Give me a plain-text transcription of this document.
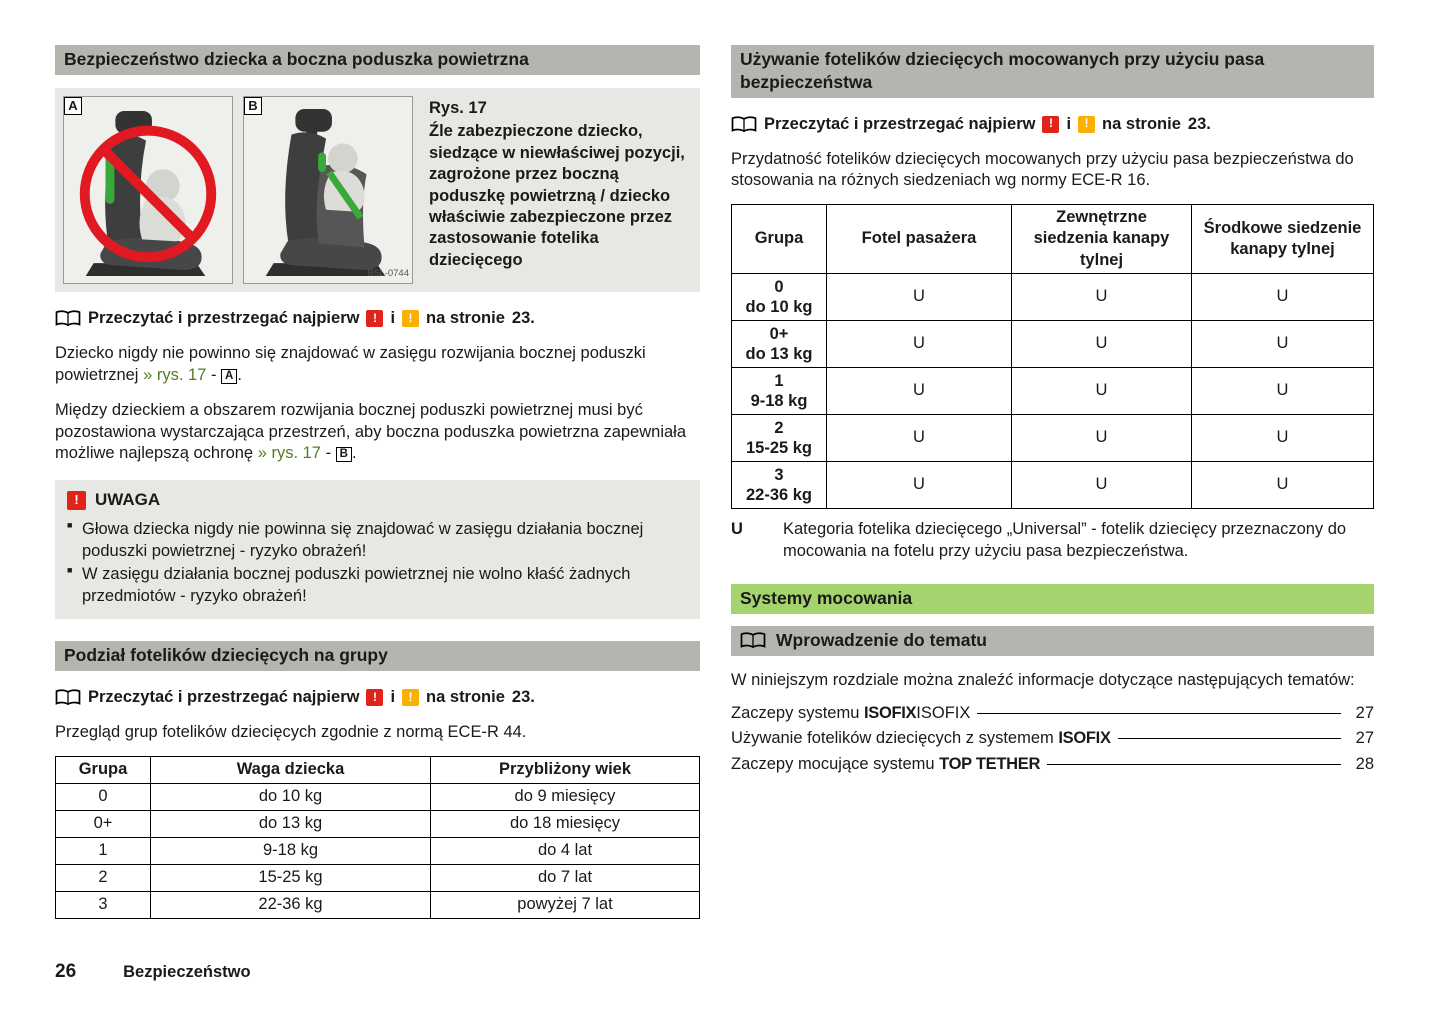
Bezpieczeństwo dziecka a boczna poduszka powietrzna
A	B
B5L-0744
Rys. 17
Źle zabezpieczone dziecko, siedzące w niewłaściwej pozycji, zagrożone przez boczną poduszkę powietrzną / dziecko właściwie zabezpieczone przez zastosowanie fotelika dziecięcego
Przeczytać i przestrzegać najpierw	! i	! na stronie 23.

Dziecko nigdy nie powinno się znajdować w zasięgu rozwijania bocznej poduszki powietrznej » rys. 17 - A .

Między dzieckiem a obszarem rozwijania bocznej poduszki powietrznej musi być pozostawiona wystarczająca przestrzeń, aby boczna poduszka powietrzna zapewniała możliwe najlepszą ochronę » rys. 17 - B .

! UWAGA
■ Głowa dziecka nigdy nie powinna się znajdować w zasięgu działania bocznej poduszki powietrznej - ryzyko obrażeń!
■ W zasięgu działania bocznej poduszki powietrznej nie wolno kłaść żadnych przedmiotów - ryzyko obrażeń!
Podział fotelików dziecięcych na grupy
Przeczytać i przestrzegać najpierw	! i	! na stronie 23.

Przegląd grup fotelików dziecięcych zgodnie z normą ECE-R 44.

Grupa	Waga dziecka	Przybliżony wiek
0	do 10 kg	do 9 miesięcy
0+	do 13 kg	do 18 miesięcy
1	9-18 kg	do 4 lat
2	15-25 kg	do 7 lat
3	22-36 kg	powyżej 7 lat
Używanie fotelików dziecięcych mocowanych przy użyciu pasa bezpieczeństwa
Przeczytać i przestrzegać najpierw	! i	! na stronie 23.

Przydatność fotelików dziecięcych mocowanych przy użyciu pasa bezpieczeństwa do stosowania na różnych siedzeniach wg normy ECE-R 16.

Grupa	Fotel pasażera	Zewnętrzne siedzenia kanapy tylnej	Środkowe siedzenie kanapy tylnej

0
do 10 kg	U	U	U

0+
do 13 kg	U	U	U

1
9-18 kg	U	U	U

2
15-25 kg	U	U	U

3
22-36 kg	U	U	U
U	Kategoria fotelika dziecięcego „Universal” - fotelik dziecięcy przeznaczony do mocowania na fotelu przy użyciu pasa bezpieczeństwa.
Systemy mocowania
Wprowadzenie do tematu

W niniejszym rozdziale można znaleźć informacje dotyczące następujących tematów:

Zaczepy systemu ISOFIXISOFIX	27
Używanie fotelików dziecięcych z systemem ISOFIX	27
Zaczepy mocujące systemu TOP TETHER	28
26	Bezpieczeństwo
